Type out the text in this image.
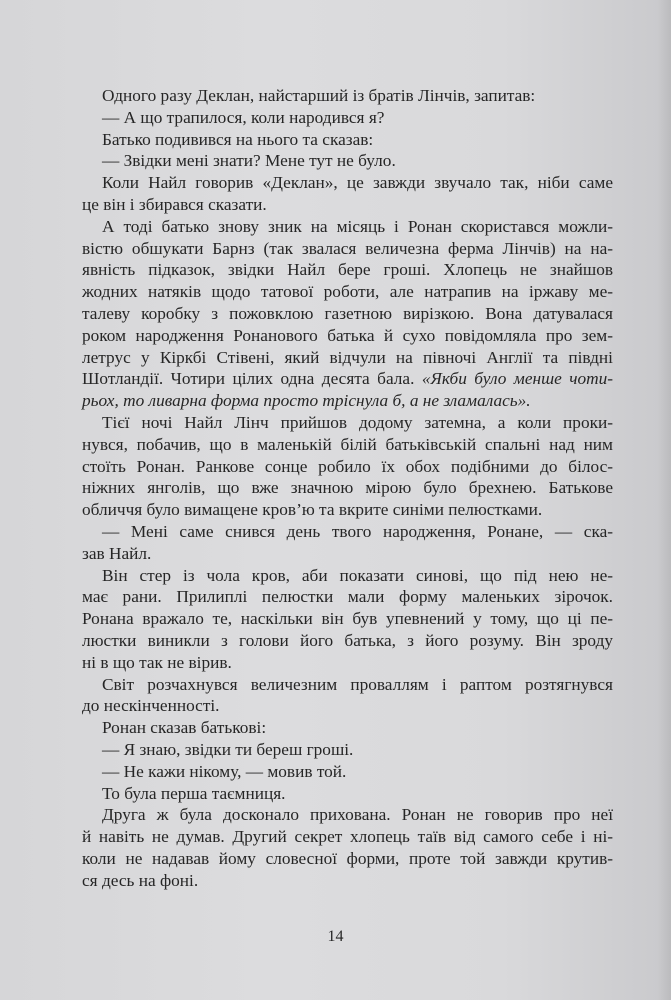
Одного разу Деклан, найстарший із братів Лінчів, запитав:
— А що трапилося, коли народився я?
Батько подивився на нього та сказав:
— Звідки мені знати? Мене тут не було.
Коли Найл говорив «Деклан», це завжди звучало так, ніби саме
це він і збирався сказати.
А тоді батько знову зник на місяць і Ронан скористався можли-
вістю обшукати Барнз (так звалася величезна ферма Лінчів) на на-
явність підказок, звідки Найл бере гроші. Хлопець не знайшов
жодних натяків щодо татової роботи, але натрапив на іржаву ме-
талеву коробку з пожовклою газетною вирізкою. Вона датувалася
роком народження Ронанового батька й сухо повідомляла про зем-
летрус у Кіркбі Стівені, який відчули на півночі Англії та півдні
Шотландії. Чотири цілих одна десята бала. «Якби було менше чоти-
рьох, то ливарна форма просто тріснула б, а не зламалась».
Тієї ночі Найл Лінч прийшов додому затемна, а коли проки-
нувся, побачив, що в маленькій білій батьківській спальні над ним
стоїть Ронан. Ранкове сонце робило їх обох подібними до білос-
ніжних янголів, що вже значною мірою було брехнею. Батькове
обличчя було вимащене кров’ю та вкрите синіми пелюстками.
— Мені саме снився день твого народження, Ронане, — ска-
зав Найл.
Він стер із чола кров, аби показати синові, що під нею не-
має рани. Прилиплі пелюстки мали форму маленьких зірочок.
Ронана вражало те, наскільки він був упевнений у тому, що ці пе-
люстки виникли з голови його батька, з його розуму. Він зроду
ні в що так не вірив.
Світ розчахнувся величезним проваллям і раптом розтягнувся
до нескінченності.
Ронан сказав батькові:
— Я знаю, звідки ти береш гроші.
— Не кажи нікому, — мовив той.
То була перша таємниця.
Друга ж була досконало прихована. Ронан не говорив про неї
й навіть не думав. Другий секрет хлопець таїв від самого себе і ні-
коли не надавав йому словесної форми, проте той завжди крутив-
ся десь на фоні.
14
